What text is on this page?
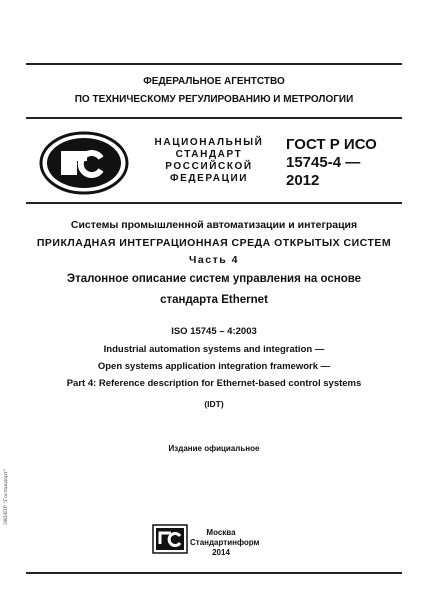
ФЕДЕРАЛЬНОЕ АГЕНТСТВО
ПО ТЕХНИЧЕСКОМУ РЕГУЛИРОВАНИЮ И МЕТРОЛОГИИ
НАЦИОНАЛЬНЫЙ
СТАНДАРТ
РОССИЙСКОЙ
ФЕДЕРАЦИИ
ГОСТ Р ИСО
15745-4 —
2012
Системы промышленной автоматизации и интеграция
ПРИКЛАДНАЯ ИНТЕГРАЦИОННАЯ СРЕДА ОТКРЫТЫХ СИСТЕМ
Часть 4
Эталонное описание систем управления на основе
стандарта Ethernet
ISO 15745 – 4:2003
Industrial automation systems and integration —
Open systems application integration framework —
Part 4: Reference description for Ethernet-based control systems
(IDT)
Издание официальное
Москва
Стандартинформ
2014
ЭКНПР "Гостандарт"
